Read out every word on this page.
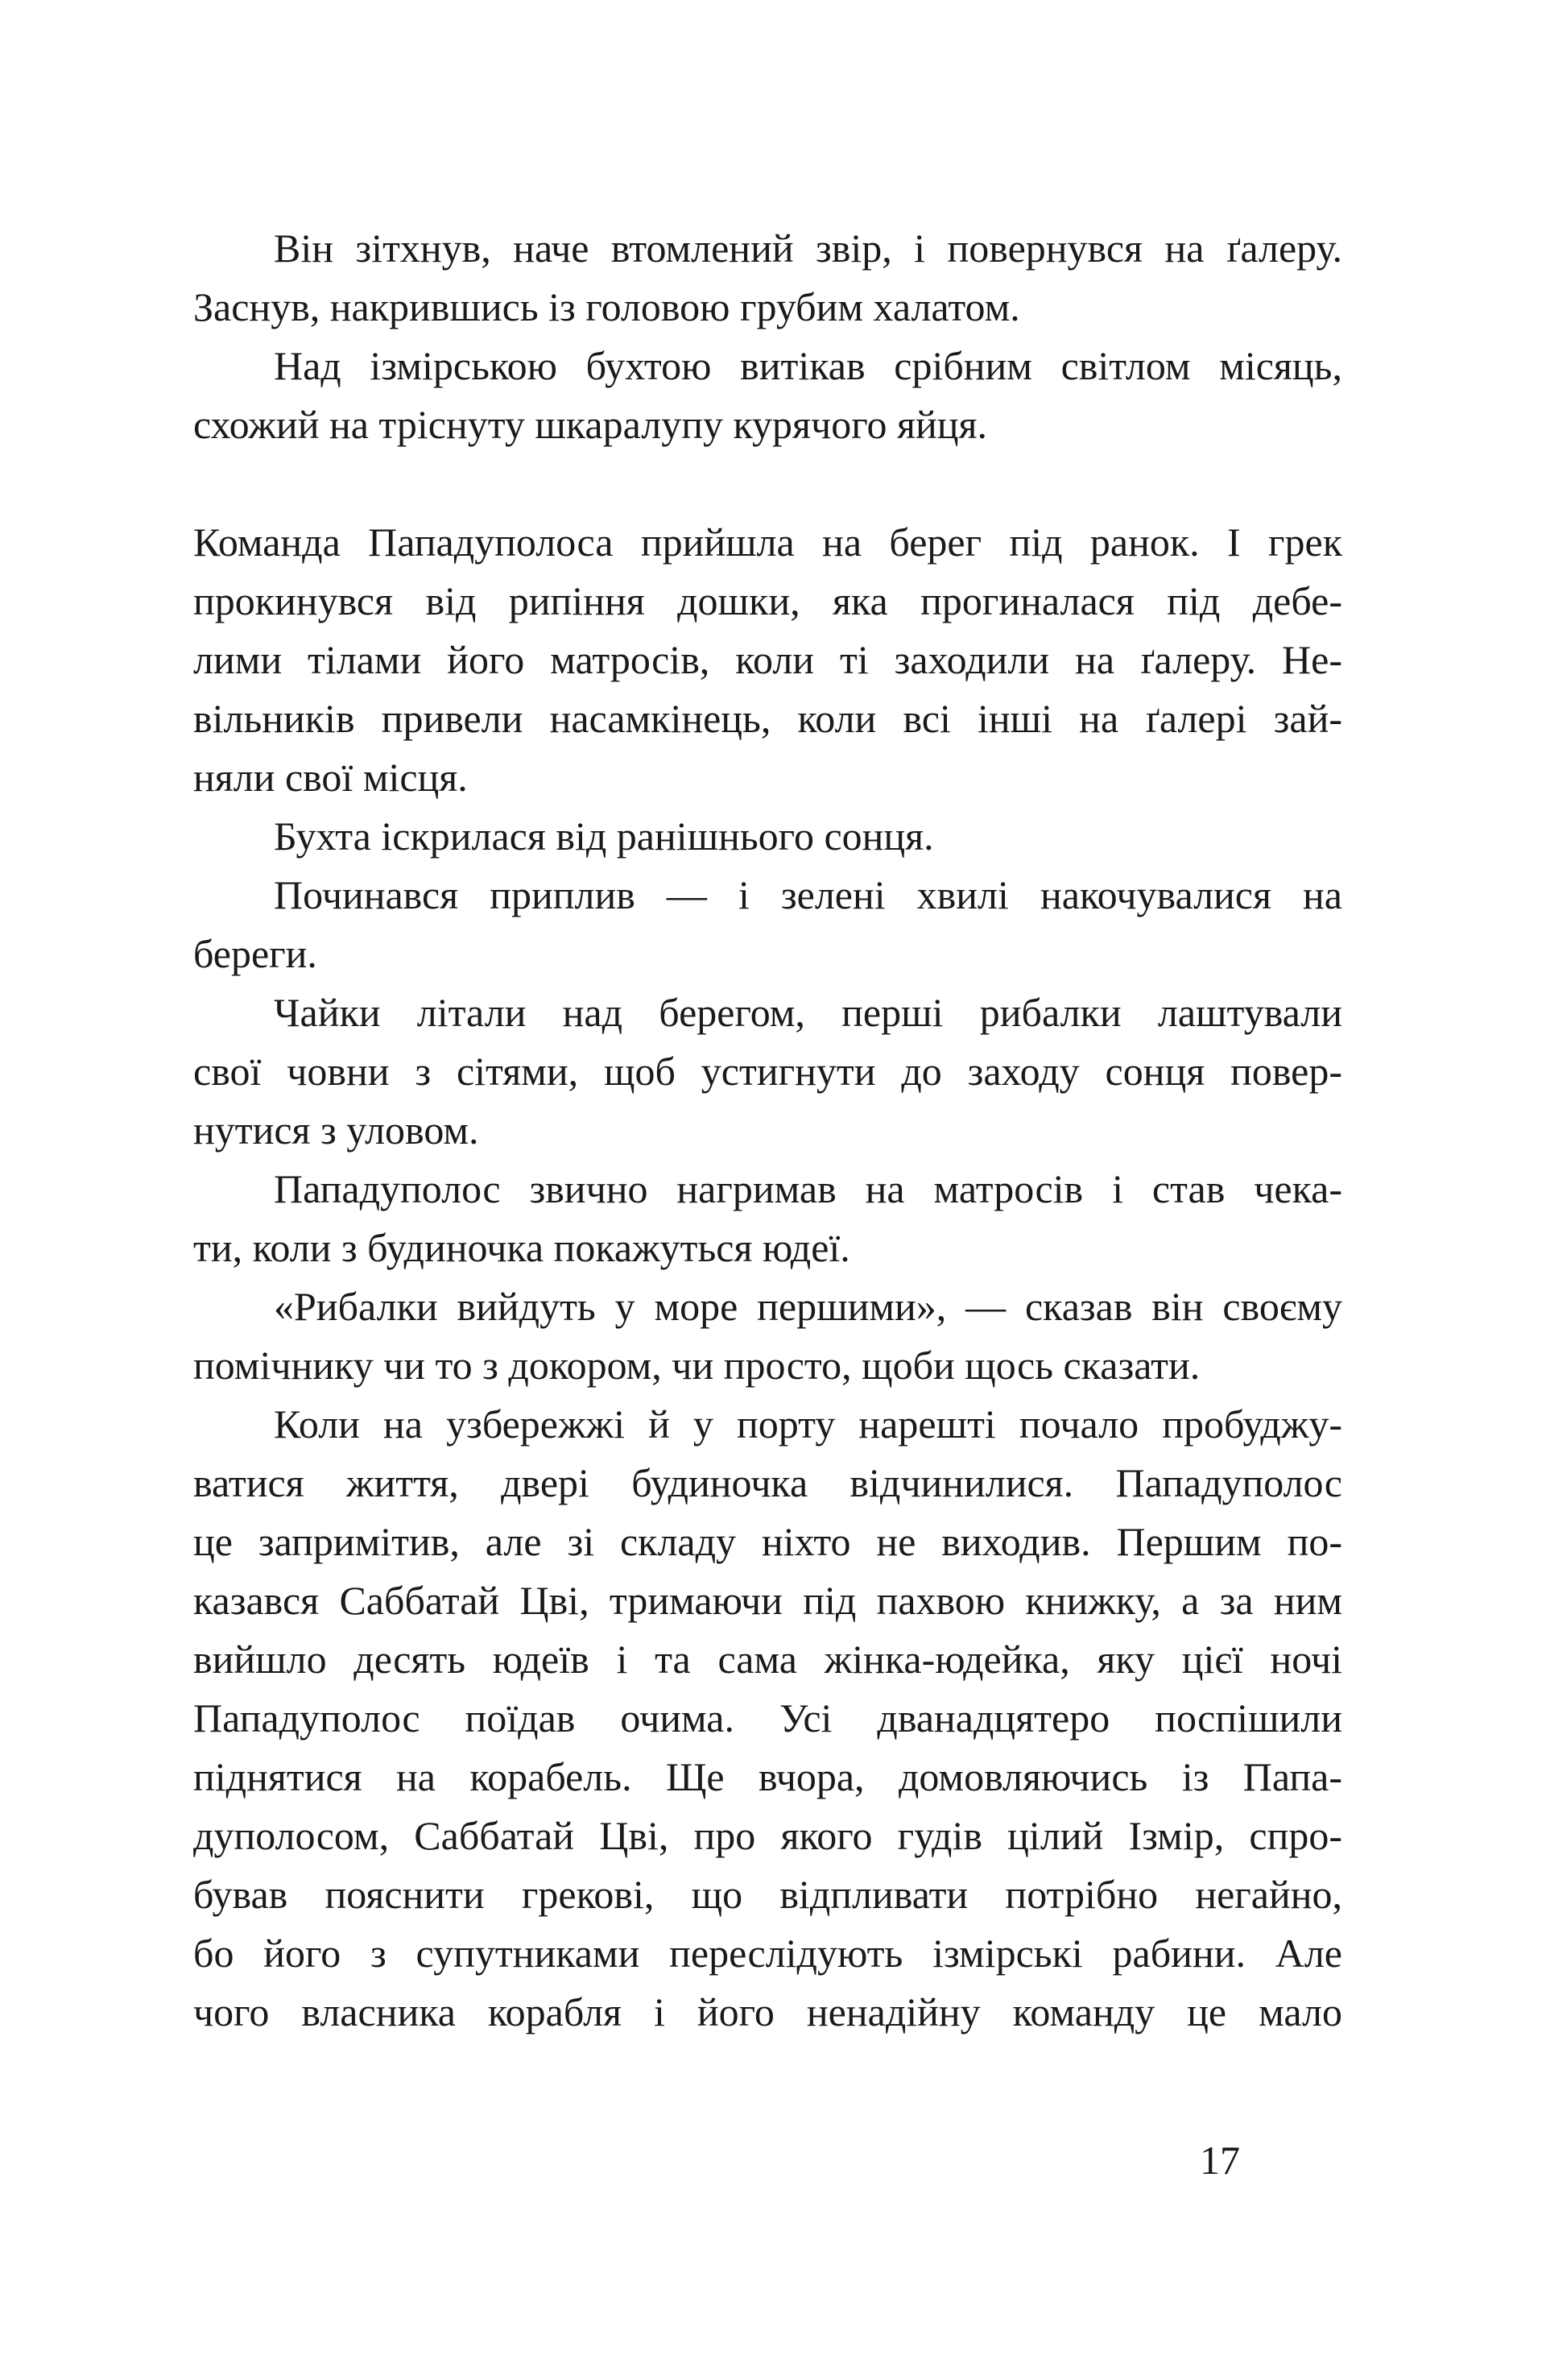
Він зітхнув, наче втомлений звір, і повернувся на ґалеру.
Заснув, накрившись із головою грубим халатом.
Над ізмірською бухтою витікав срібним світлом місяць,
схожий на тріснуту шкаралупу курячого яйця.
Команда Пападуполоса прийшла на берег під ранок. І грек
прокинувся від рипіння дошки, яка прогиналася під дебе-
лими тілами його матросів, коли ті заходили на ґалеру. Не-
вільників привели насамкінець, коли всі інші на ґалері зай-
няли свої місця.
Бухта іскрилася від ранішнього сонця.
Починався приплив — і зелені хвилі накочувалися на
береги.
Чайки літали над берегом, перші рибалки лаштували
свої човни з сітями, щоб устигнути до заходу сонця повер-
нутися з уловом.
Пападуполос звично нагримав на матросів і став чека-
ти, коли з будиночка покажуться юдеї.
«Рибалки вийдуть у море першими», — сказав він своєму
помічнику чи то з докором, чи просто, щоби щось сказати.
Коли на узбережжі й у порту нарешті почало пробуджу-
ватися життя, двері будиночка відчинилися. Пападуполос
це запримітив, але зі складу ніхто не виходив. Першим по-
казався Саббатай Цві, тримаючи під пахвою книжку, а за ним
вийшло десять юдеїв і та сама жінка-юдейка, яку цієї ночі
Пападуполос поїдав очима. Усі дванадцятеро поспішили
піднятися на корабель. Ще вчора, домовляючись із Папа-
дуполосом, Саббатай Цві, про якого гудів цілий Ізмір, спро-
бував пояснити грекові, що відпливати потрібно негайно,
бо його з супутниками переслідують ізмірські рабини. Але
чого власника корабля і його ненадійну команду це мало
17
